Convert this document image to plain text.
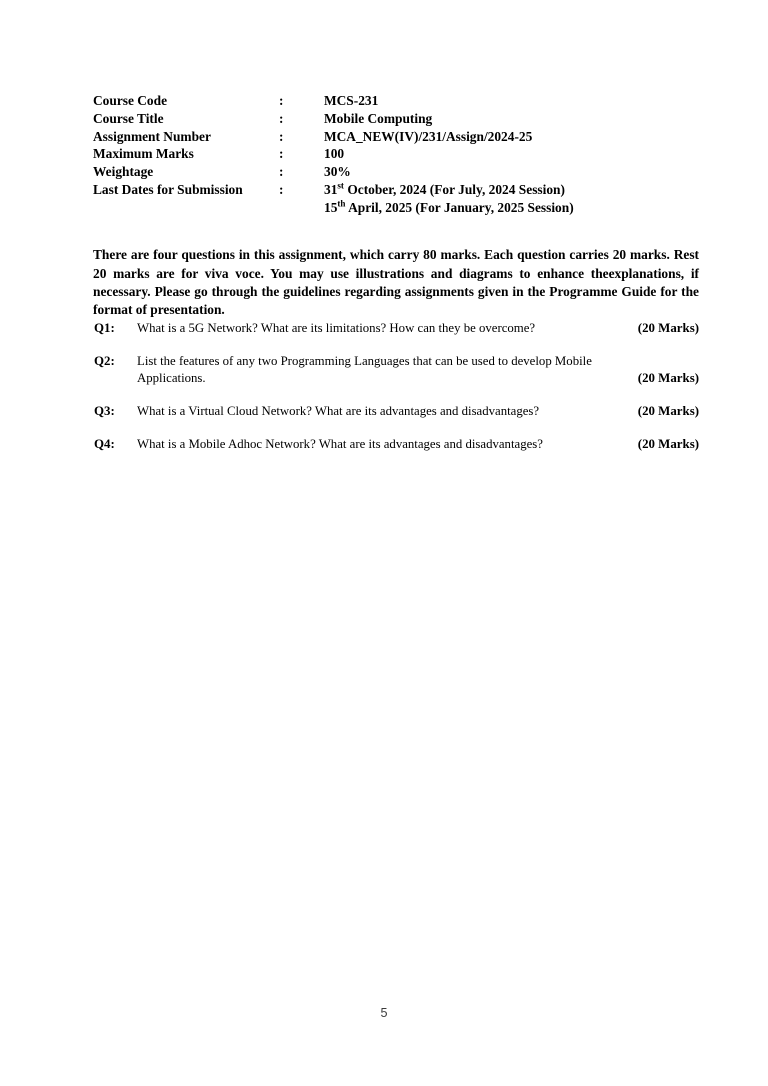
Course Code	:	MCS-231
Course Title	:	Mobile Computing
Assignment Number	:	MCA_NEW(IV)/231/Assign/2024-25
Maximum Marks	:	100
Weightage	:	30%
Last Dates for Submission	:	31st October, 2024 (For July, 2024 Session)
15th April, 2025 (For January, 2025 Session)

There are four questions in this assignment, which carry 80 marks. Each question carries 20 marks. Rest 20 marks are for viva voce. You may use illustrations and diagrams to enhance theexplanations, if necessary. Please go through the guidelines regarding assignments given in the Programme Guide for the format of presentation.

Q1:	What is a 5G Network? What are its limitations? How can they be overcome?	(20 Marks)
Q2:	List the features of any two Programming Languages that can be used to develop Mobile
Applications.	(20 Marks)
Q3:	What is a Virtual Cloud Network? What are its advantages and disadvantages?	(20 Marks)
Q4:	What is a Mobile Adhoc Network? What are its advantages and disadvantages?	(20 Marks)
5
